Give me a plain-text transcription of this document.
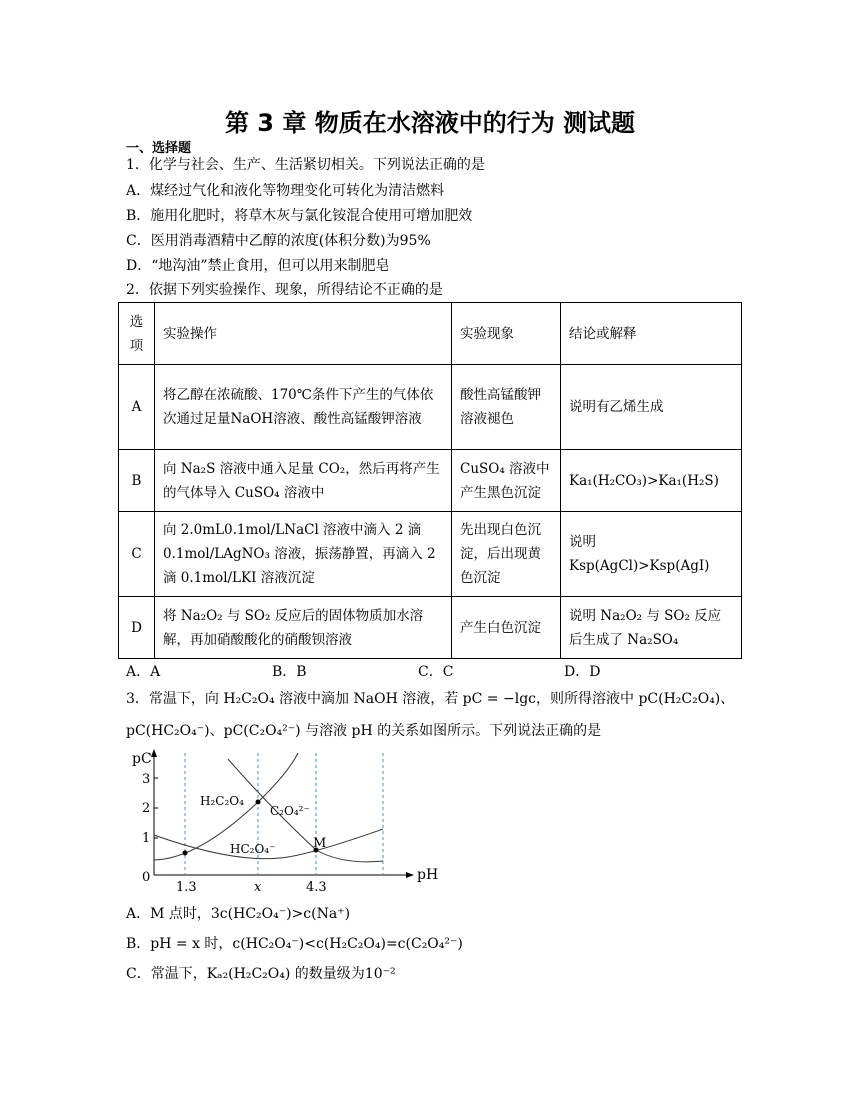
第 3 章 物质在水溶液中的行为 测试题
一、选择题
1．化学与社会、生产、生活紧切相关。下列说法正确的是
A．煤经过气化和液化等物理变化可转化为清洁燃料
B．施用化肥时，将草木灰与氯化铵混合使用可增加肥效
C．医用消毒酒精中乙醇的浓度(体积分数)为95%
D．“地沟油”禁止食用，但可以用来制肥皂
2．依据下列实验操作、现象，所得结论不正确的是
选项	实验操作	实验现象	结论或解释
A	将乙醇在浓硫酸、170℃条件下产生的气体依次通过足量NaOH溶液、酸性高锰酸钾溶液	酸性高锰酸钾溶液褪色	说明有乙烯生成
B	向 Na₂S 溶液中通入足量 CO₂，然后再将产生的气体导入 CuSO₄ 溶液中	CuSO₄ 溶液中产生黑色沉淀	Ka₁(H₂CO₃)>Ka₁(H₂S)
C	向 2.0mL0.1mol/LNaCl 溶液中滴入 2 滴 0.1mol/LAgNO₃ 溶液，振荡静置，再滴入 2 滴 0.1mol/LKI 溶液沉淀	先出现白色沉淀，后出现黄色沉淀	说明 Ksp(AgCl)>Ksp(AgI)
D	将 Na₂O₂ 与 SO₂ 反应后的固体物质加水溶解，再加硝酸酸化的硝酸钡溶液	产生白色沉淀	说明 Na₂O₂ 与 SO₂ 反应后生成了 Na₂SO₄
A．A	B．B	C．C	D．D
3．常温下，向 H₂C₂O₄ 溶液中滴加 NaOH 溶液，若 pC = −lgc，则所得溶液中 pC(H₂C₂O₄)、
pC(HC₂O₄⁻)、pC(C₂O₄²⁻) 与溶液 pH 的关系如图所示。下列说法正确的是
pC
pH
3
2
1
0
H₂C₂O₄
C₂O₄²⁻
HC₂O₄⁻	M
1.3	x	4.3
A．M 点时，3c(HC₂O₄⁻)>c(Na⁺)
B．pH = x 时，c(HC₂O₄⁻)<c(H₂C₂O₄)=c(C₂O₄²⁻)
C．常温下，Kₐ₂(H₂C₂O₄) 的数量级为10⁻²
